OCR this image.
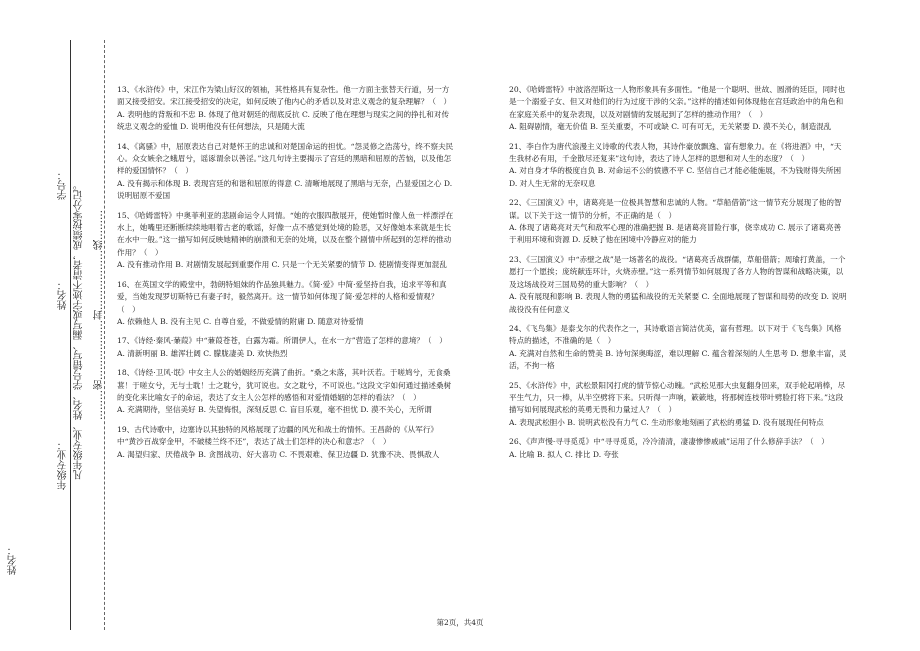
姓名：
年级专业：
姓名：
学号： 凡年级专业、姓名、学号错写、漏写或字迹不清者，成绩按零分记。 ………密………………封………………线………

13、《水浒传》中，宋江作为梁山好汉的领袖，其性格具有复杂性。他一方面主张替天行道，另一方面又接受招安。宋江接受招安的决定，如何反映了他内心的矛盾以及对忠义观念的复杂理解？（　）

A. 表明他的背叛和不忠 B. 体现了他对朝廷的彻底反抗 C. 反映了他在理想与现实之间的挣扎和对传统忠义观念的爱恤 D. 说明他没有任何想法，只是随大流

14、《离骚》中，屈原表达自己对楚怀王的忠诚和对楚国命运的担忧。“怨灵修之浩荡兮，终不察夫民心。众女嫉余之蛾眉兮，谣诼谓余以善淫。”这几句诗主要揭示了宫廷的黑暗和屈原的苦恼，以及他怎样的爱国情怀？（　）

A. 没有揭示和体现 B. 表现宫廷的和谐和屈原的得意 C. 清晰地展现了黑暗与无奈，凸显爱国之心 D. 说明屈原不爱国

15、《哈姆雷特》中奥菲利亚的悲剧命运令人同情。“她的衣服四散展开，使她暂时像人鱼一样漂浮在水上，她嘴里还断断续续地唱着古老的歌谣，好像一点不感觉到处境的险恶，又好像她本来就是生长在水中一般。”这一描写如何反映她精神的崩溃和无奈的处境，以及在整个剧情中所起到的怎样的推动作用？（　）

A. 没有推动作用 B. 对剧情发展起到重要作用 C. 只是一个无关紧要的情节 D. 使剧情变得更加混乱

16、在英国文学的殿堂中，勃朗特姐妹的作品独具魅力。《简·爱》中简·爱坚持自我，追求平等和真爱，当她发现罗切斯特已有妻子时，毅然离开。这一情节如何体现了简·爱怎样的人格和爱情观？（　）

A. 依赖他人 B. 没有主见 C. 自尊自爱，不做爱情的附庸 D. 随意对待爱情

17、《诗经·秦风·蒹葭》中“蒹葭苍苍，白露为霜。所谓伊人，在水一方”营造了怎样的意境？（　）

A. 清新明丽 B. 雄浑壮阔 C. 朦胧凄美 D. 欢快热烈

18、《诗经·卫风·氓》中女主人公的婚姻经历充满了曲折。“桑之未落，其叶沃若。于嗟鸠兮，无食桑葚！于嗟女兮，无与士耽！士之耽兮，犹可说也。女之耽兮，不可说也。”这段文字如何通过描述桑树的变化来比喻女子的命运，表达了女主人公怎样的感悟和对爱情婚姻的怎样的看法？（　）

A. 充满期待，坚信美好 B. 失望悔恨，深刻反思 C. 盲目乐观，毫不担忧 D. 漠不关心，无所谓

19、古代诗歌中，边塞诗以其独特的风格展现了边疆的风光和战士的情怀。王昌龄的《从军行》中“黄沙百战穿金甲，不破楼兰终不还”，表达了战士们怎样的决心和意志？（　）

A. 渴望归家、厌倦战争 B. 贪图战功、好大喜功 C. 不畏艰难、保卫边疆 D. 犹豫不决、畏惧敌人

20、《哈姆雷特》中波洛涅斯这一人物形象具有多面性。“他是一个聪明、世故、圆滑的廷臣，同时也是一个溺爱子女、但又对他们的行为过度干涉的父亲。”这样的描述如何体现他在宫廷政治中的角色和在家庭关系中的复杂表现，以及对剧情的发展起到了怎样的推动作用？（　）

A. 阻碍剧情，毫无价值 B. 至关重要，不可或缺 C. 可有可无，无关紧要 D. 漠不关心，制造混乱

21、李白作为唐代浪漫主义诗歌的代表人物，其诗作豪放飘逸、富有想象力。在《将进酒》中，“天生我材必有用，千金散尽还复来”这句诗，表达了诗人怎样的思想和对人生的态度？（　）

A. 对自身才华的极度自负 B. 对命运不公的愤懑不平 C. 坚信自己才能必能施展，不为钱财得失所困 D. 对人生无常的无奈叹息

22、《三国演义》中，诸葛亮是一位极具智慧和忠诚的人物。“草船借箭”这一情节充分展现了他的智谋。以下关于这一情节的分析，不正确的是（　）

A. 体现了诸葛亮对天气和敌军心理的准确把握 B. 是诸葛亮冒险行事，侥幸成功 C. 展示了诸葛亮善于利用环境和资源 D. 反映了他在困境中冷静应对的能力

23、《三国演义》中“赤壁之战”是一场著名的战役。“诸葛亮舌战群儒，草船借箭；周瑜打黄盖，一个愿打一个愿挨；庞统献连环计，火烧赤壁。”这一系列情节如何展现了各方人物的智谋和战略决策，以及这场战役对三国局势的重大影响？（　）

A. 没有展现和影响 B. 表现人物的勇猛和战役的无关紧要 C. 全面地展现了智谋和局势的改变 D. 说明战役没有任何意义

24、《飞鸟集》是泰戈尔的代表作之一，其诗歌语言简洁优美，富有哲理。以下对于《飞鸟集》风格特点的描述，不准确的是（　）

A. 充满对自然和生命的赞美 B. 诗句深奥晦涩，难以理解 C. 蕴含着深刻的人生思考 D. 想象丰富，灵活，不拘一格

25、《水浒传》中，武松景阳冈打虎的情节惊心动魄。“武松见那大虫复翻身回来，双手轮起哨棒，尽平生气力，只一棒，从半空劈将下来。只听得一声响，簌簌地，将那树连枝带叶劈脸打将下来。”这段描写如何展现武松的英勇无畏和力量过人？（　）

A. 表现武松胆小 B. 说明武松没有力气 C. 生动形象地刻画了武松的勇猛 D. 没有展现任何特点

26、《声声慢·寻寻觅觅》中“寻寻觅觅，冷冷清清，凄凄惨惨戚戚”运用了什么修辞手法？（　）

A. 比喻 B. 拟人 C. 排比 D. 夸张

第2页，共4页
